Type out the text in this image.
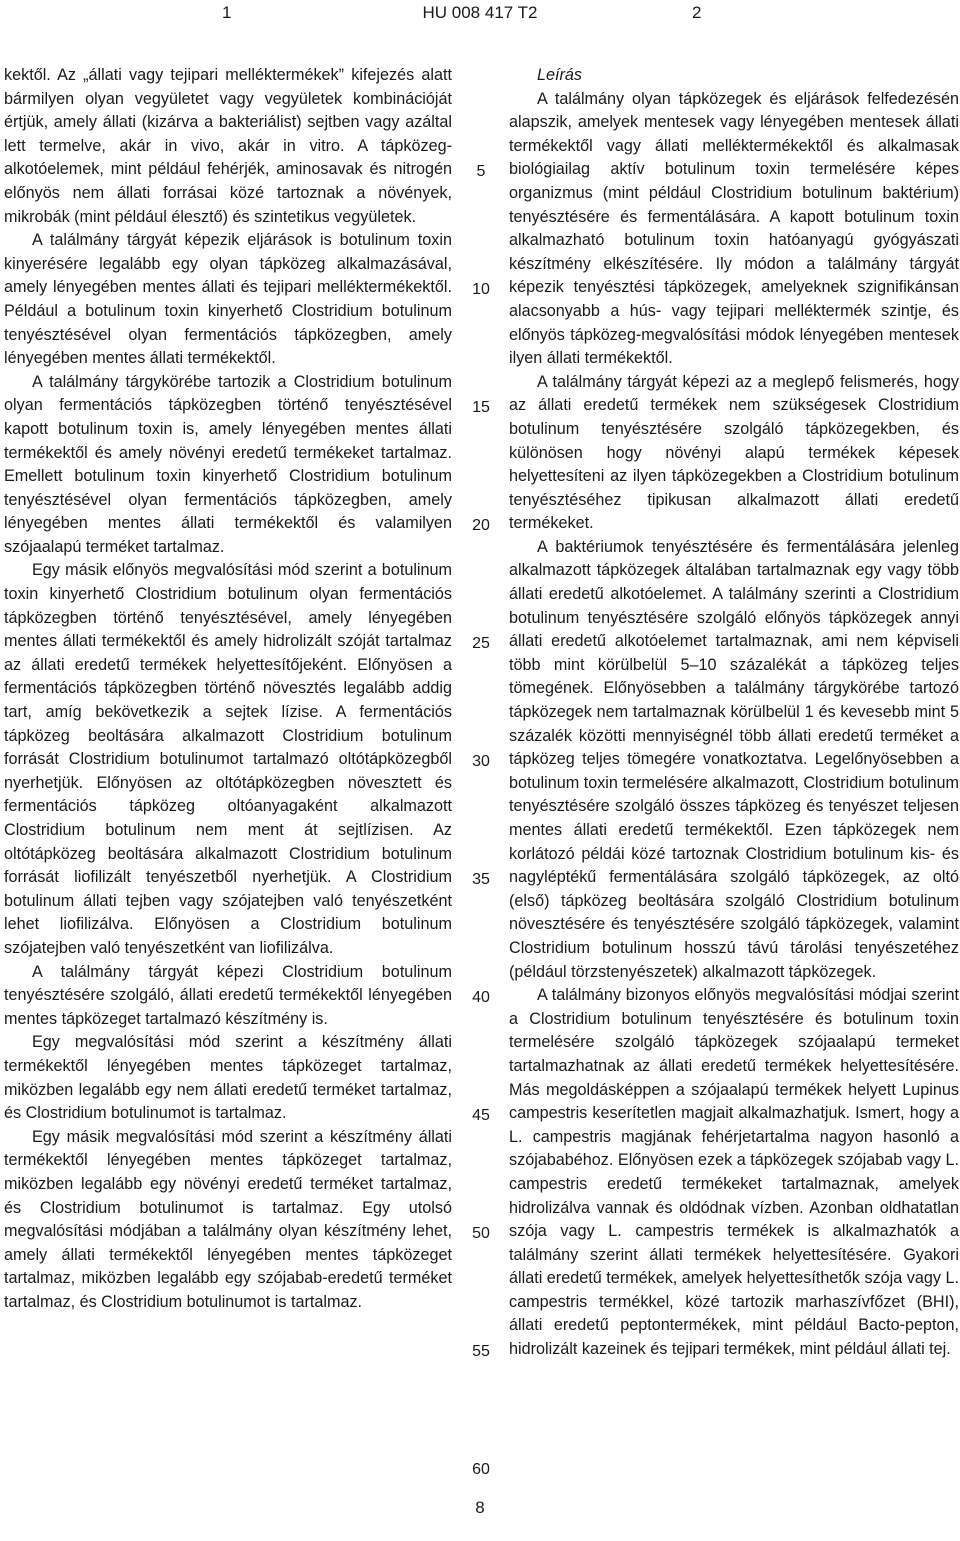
1	HU 008 417 T2	2

kektől. Az „állati vagy tejipari melléktermékek” kifejezés alatt bármilyen olyan vegyületet vagy vegyületek kombinációját értjük, amely állati (kizárva a bakteriálist) sejtben vagy azáltal lett termelve, akár in vivo, akár in vitro. A tápközeg-alkotóelemek, mint például fehérjék, aminosavak és nitrogén előnyös nem állati forrásai közé tartoznak a növények, mikrobák (mint például élesztő) és szintetikus vegyületek.

A találmány tárgyát képezik eljárások is botulinum toxin kinyerésére legalább egy olyan tápközeg alkalmazásával, amely lényegében mentes állati és tejipari melléktermékektől. Például a botulinum toxin kinyerhető Clostridium botulinum tenyésztésével olyan fermentációs tápközegben, amely lényegében mentes állati termékektől.

A találmány tárgykörébe tartozik a Clostridium botulinum olyan fermentációs tápközegben történő tenyésztésével kapott botulinum toxin is, amely lényegében mentes állati termékektől és amely növényi eredetű termékeket tartalmaz. Emellett botulinum toxin kinyerhető Clostridium botulinum tenyésztésével olyan fermentációs tápközegben, amely lényegében mentes állati termékektől és valamilyen szójaalapú terméket tartalmaz.

Egy másik előnyös megvalósítási mód szerint a botulinum toxin kinyerhető Clostridium botulinum olyan fermentációs tápközegben történő tenyésztésével, amely lényegében mentes állati termékektől és amely hidrolizált szóját tartalmaz az állati eredetű termékek helyettesítőjeként. Előnyösen a fermentációs tápközegben történő növesztés legalább addig tart, amíg bekövetkezik a sejtek lízise. A fermentációs tápközeg beoltására alkalmazott Clostridium botulinum forrását Clostridium botulinumot tartalmazó oltótápközegből nyerhetjük. Előnyösen az oltótápközegben növesztett és fermentációs tápközeg oltóanyagaként alkalmazott Clostridium botulinum nem ment át sejtlízisen. Az oltótápközeg beoltására alkalmazott Clostridium botulinum forrását liofilizált tenyészetből nyerhetjük. A Clostridium botulinum állati tejben vagy szójatejben való tenyészetként lehet liofilizálva. Előnyösen a Clostridium botulinum szójatejben való tenyészetként van liofilizálva.

A találmány tárgyát képezi Clostridium botulinum tenyésztésére szolgáló, állati eredetű termékektől lényegében mentes tápközeget tartalmazó készítmény is.

Egy megvalósítási mód szerint a készítmény állati termékektől lényegében mentes tápközeget tartalmaz, miközben legalább egy nem állati eredetű terméket tartalmaz, és Clostridium botulinumot is tartalmaz.

Egy másik megvalósítási mód szerint a készítmény állati termékektől lényegében mentes tápközeget tartalmaz, miközben legalább egy növényi eredetű terméket tartalmaz, és Clostridium botulinumot is tartalmaz. Egy utolsó megvalósítási módjában a találmány olyan készítmény lehet, amely állati termékektől lényegében mentes tápközeget tartalmaz, miközben legalább egy szójabab-eredetű terméket tartalmaz, és Clostridium botulinumot is tartalmaz.

5
10
15
20
25
30
35
40
45
50
55
60

Leírás

A találmány olyan tápközegek és eljárások felfedezésén alapszik, amelyek mentesek vagy lényegében mentesek állati termékektől vagy állati melléktermékektől és alkalmasak biológiailag aktív botulinum toxin termelésére képes organizmus (mint például Clostridium botulinum baktérium) tenyésztésére és fermentálására. A kapott botulinum toxin alkalmazható botulinum toxin hatóanyagú gyógyászati készítmény elkészítésére. Ily módon a találmány tárgyát képezik tenyésztési tápközegek, amelyeknek szignifikánsan alacsonyabb a hús- vagy tejipari melléktermék szintje, és előnyös tápközeg-megvalósítási módok lényegében mentesek ilyen állati termékektől.

A találmány tárgyát képezi az a meglepő felismerés, hogy az állati eredetű termékek nem szükségesek Clostridium botulinum tenyésztésére szolgáló tápközegekben, és különösen hogy növényi alapú termékek képesek helyettesíteni az ilyen tápközegekben a Clostridium botulinum tenyésztéséhez tipikusan alkalmazott állati eredetű termékeket.

A baktériumok tenyésztésére és fermentálására jelenleg alkalmazott tápközegek általában tartalmaznak egy vagy több állati eredetű alkotóelemet. A találmány szerinti a Clostridium botulinum tenyésztésére szolgáló előnyös tápközegek annyi állati eredetű alkotóelemet tartalmaznak, ami nem képviseli több mint körülbelül 5–10 százalékát a tápközeg teljes tömegének. Előnyösebben a találmány tárgykörébe tartozó tápközegek nem tartalmaznak körülbelül 1 és kevesebb mint 5 százalék közötti mennyiségnél több állati eredetű terméket a tápközeg teljes tömegére vonatkoztatva. Legelőnyösebben a botulinum toxin termelésére alkalmazott, Clostridium botulinum tenyésztésére szolgáló összes tápközeg és tenyészet teljesen mentes állati eredetű termékektől. Ezen tápközegek nem korlátozó példái közé tartoznak Clostridium botulinum kis- és nagyléptékű fermentálására szolgáló tápközegek, az oltó (első) tápközeg beoltására szolgáló Clostridium botulinum növesztésére és tenyésztésére szolgáló tápközegek, valamint Clostridium botulinum hosszú távú tárolási tenyészetéhez (például törzstenyészetek) alkalmazott tápközegek.

A találmány bizonyos előnyös megvalósítási módjai szerint a Clostridium botulinum tenyésztésére és botulinum toxin termelésére szolgáló tápközegek szójaalapú termeket tartalmazhatnak az állati eredetű termékek helyettesítésére. Más megoldásképpen a szójaalapú termékek helyett Lupinus campestris keserítetlen magjait alkalmazhatjuk. Ismert, hogy a L. campestris magjának fehérjetartalma nagyon hasonló a szójababéhoz. Előnyösen ezek a tápközegek szójabab vagy L. campestris eredetű termékeket tartalmaznak, amelyek hidrolizálva vannak és oldódnak vízben. Azonban oldhatatlan szója vagy L. campestris termékek is alkalmazhatók a találmány szerint állati termékek helyettesítésére. Gyakori állati eredetű termékek, amelyek helyettesíthetők szója vagy L. campestris termékkel, közé tartozik marhaszívfőzet (BHI), állati eredetű peptontermékek, mint például Bacto-pepton, hidrolizált kazeinek és tejipari termékek, mint például állati tej.

8
